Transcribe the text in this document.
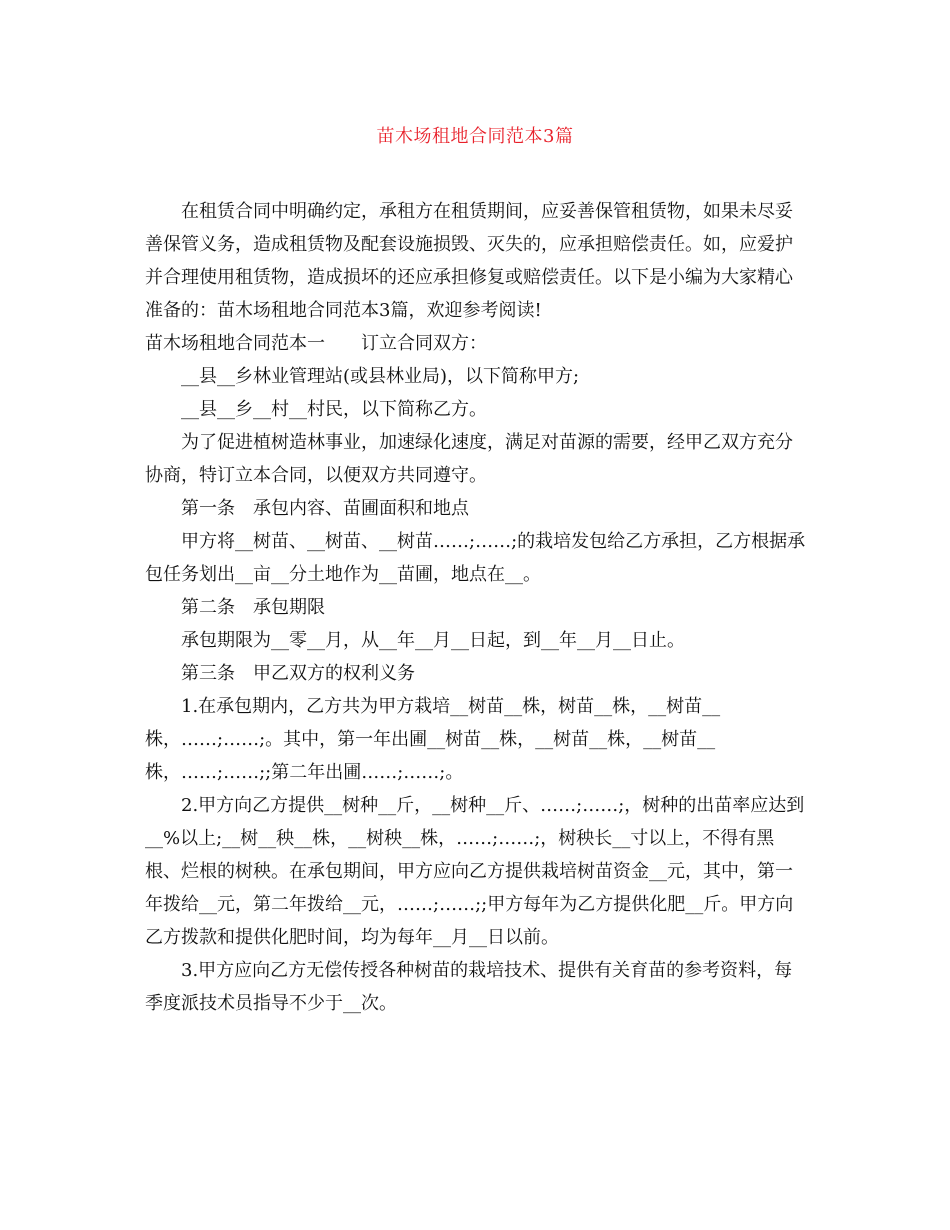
苗木场租地合同范本3篇

在租赁合同中明确约定，承租方在租赁期间，应妥善保管租赁物，如果未尽妥善保管义务，造成租赁物及配套设施损毁、灭失的，应承担赔偿责任。如，应爱护并合理使用租赁物，造成损坏的还应承担修复或赔偿责任。以下是小编为大家精心准备的：苗木场租地合同范本3篇，欢迎参考阅读!

苗木场租地合同范本一　　订立合同双方：

__县__乡林业管理站(或县林业局)，以下简称甲方;

__县__乡__村__村民，以下简称乙方。

为了促进植树造林事业，加速绿化速度，满足对苗源的需要，经甲乙双方充分协商，特订立本合同，以便双方共同遵守。

第一条　承包内容、苗圃面积和地点

甲方将__树苗、__树苗、__树苗……;……;的栽培发包给乙方承担，乙方根据承包任务划出__亩__分土地作为__苗圃，地点在__。

第二条　承包期限

承包期限为__零__月，从__年__月__日起，到__年__月__日止。

第三条　甲乙双方的权利义务

1.在承包期内，乙方共为甲方栽培__树苗__株，树苗__株，__树苗__株，……;……;。其中，第一年出圃__树苗__株，__树苗__株，__树苗__株，……;……;;第二年出圃……;……;。

2.甲方向乙方提供__树种__斤，__树种__斤、……;……;，树种的出苗率应达到__%以上;__树__秧__株，__树秧__株，……;……;，树秧长__寸以上，不得有黑根、烂根的树秧。在承包期间，甲方应向乙方提供栽培树苗资金__元，其中，第一年拨给__元，第二年拨给__元，……;……;;甲方每年为乙方提供化肥__斤。甲方向乙方拨款和提供化肥时间，均为每年__月__日以前。

3.甲方应向乙方无偿传授各种树苗的栽培技术、提供有关育苗的参考资料，每季度派技术员指导不少于__次。
